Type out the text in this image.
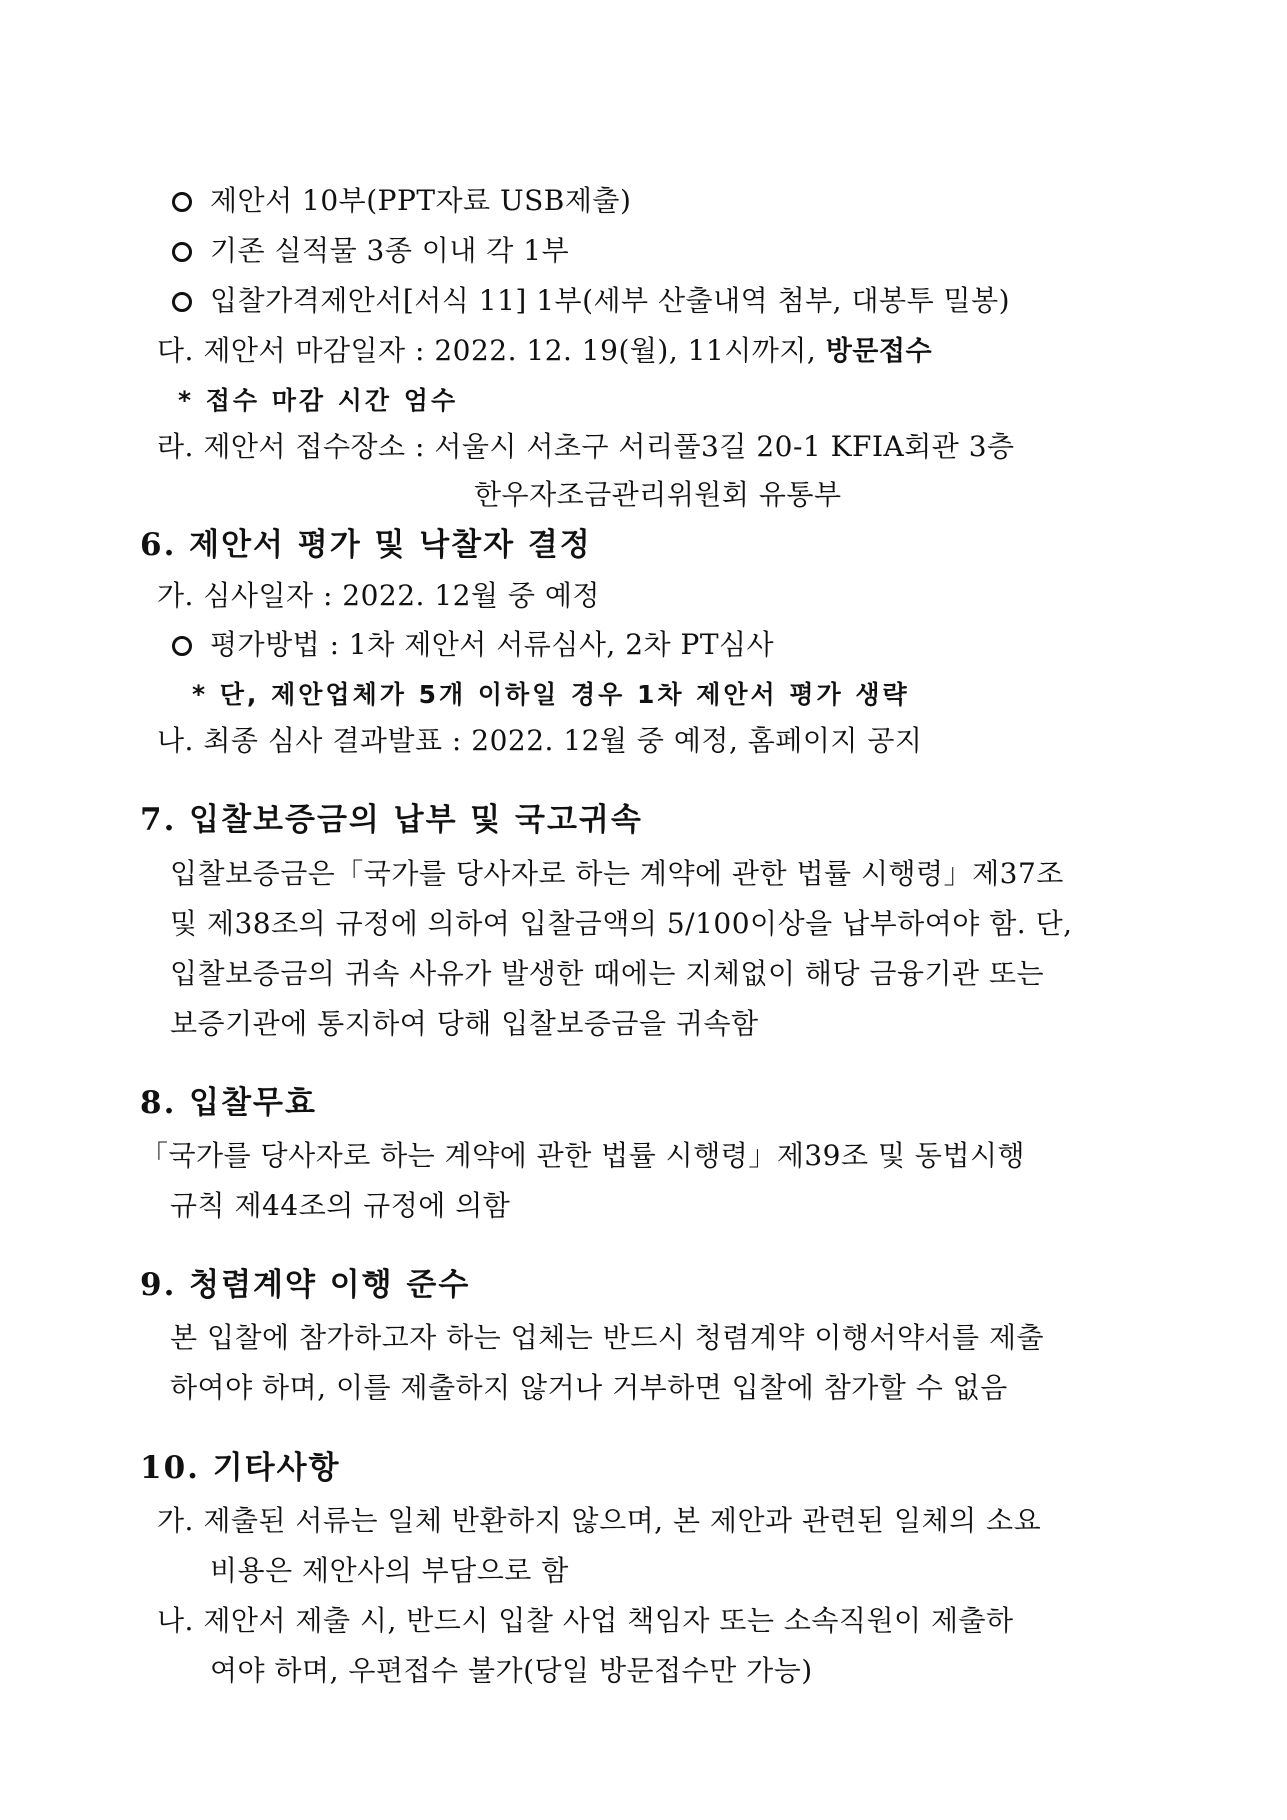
제안서 10부(PPT자료 USB제출)
기존 실적물 3종 이내 각 1부
입찰가격제안서[서식 11] 1부(세부 산출내역 첨부, 대봉투 밀봉)
다. 제안서 마감일자 : 2022. 12. 19(월), 11시까지, 방문접수
* 접수 마감 시간 엄수
라. 제안서 접수장소 : 서울시 서초구 서리풀3길 20-1 KFIA회관 3층
한우자조금관리위원회 유통부
6. 제안서 평가 및 낙찰자 결정
가. 심사일자 : 2022. 12월 중 예정
평가방법 : 1차 제안서 서류심사, 2차 PT심사
* 단, 제안업체가 5개 이하일 경우 1차 제안서 평가 생략
나. 최종 심사 결과발표 : 2022. 12월 중 예정, 홈페이지 공지
7. 입찰보증금의 납부 및 국고귀속
입찰보증금은「국가를 당사자로 하는 계약에 관한 법률 시행령」제37조
및 제38조의 규정에 의하여 입찰금액의 5/100이상을 납부하여야 함. 단,
입찰보증금의 귀속 사유가 발생한 때에는 지체없이 해당 금융기관 또는
보증기관에 통지하여 당해 입찰보증금을 귀속함
8. 입찰무효
「국가를 당사자로 하는 계약에 관한 법률 시행령」제39조 및 동법시행
규칙 제44조의 규정에 의함
9. 청렴계약 이행 준수
본 입찰에 참가하고자 하는 업체는 반드시 청렴계약 이행서약서를 제출
하여야 하며, 이를 제출하지 않거나 거부하면 입찰에 참가할 수 없음
10. 기타사항
가. 제출된 서류는 일체 반환하지 않으며, 본 제안과 관련된 일체의 소요
비용은 제안사의 부담으로 함
나. 제안서 제출 시, 반드시 입찰 사업 책임자 또는 소속직원이 제출하
여야 하며, 우편접수 불가(당일 방문접수만 가능)
